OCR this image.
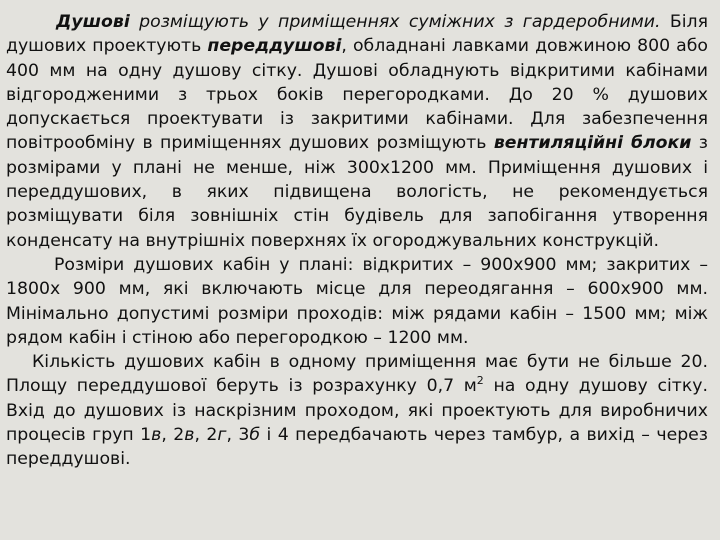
Душові розміщують у приміщеннях суміжних з гардеробними. Біля душових проектують переддушові, обладнані лавками довжиною 800 або 400 мм на одну душову сітку. Душові обладнують відкритими кабінами відгородженими з трьох боків перегородками. До 20 % душових допускається проектувати із закритими кабінами. Для забезпечення повітрообміну в приміщеннях душових розміщують вентиляційні блоки з розмірами у плані не менше, ніж 300х1200 мм. Приміщення душових і переддушових, в яких підвищена вологість, не рекомендується розміщувати біля зовнішніх стін будівель для запобігання утворення конденсату на внутрішніх поверхнях їх огороджувальних конструкцій.

Розміри душових кабін у плані: відкритих – 900х900 мм; закритих – 1800х 900 мм, які включають місце для переодягання – 600х900 мм. Мінімально допустимі розміри проходів: між рядами кабін – 1500 мм; між рядом кабін і стіною або перегородкою – 1200 мм.

Кількість душових кабін в одному приміщення має бути не більше 20. Площу переддушової беруть із розрахунку 0,7 $м^2$ на одну душову сітку. Вхід до душових із наскрізним проходом, які проектують для виробничих процесів груп 1в, 2в, 2г, 3б і 4 передбачають через тамбур, а вихід – через переддушові.
